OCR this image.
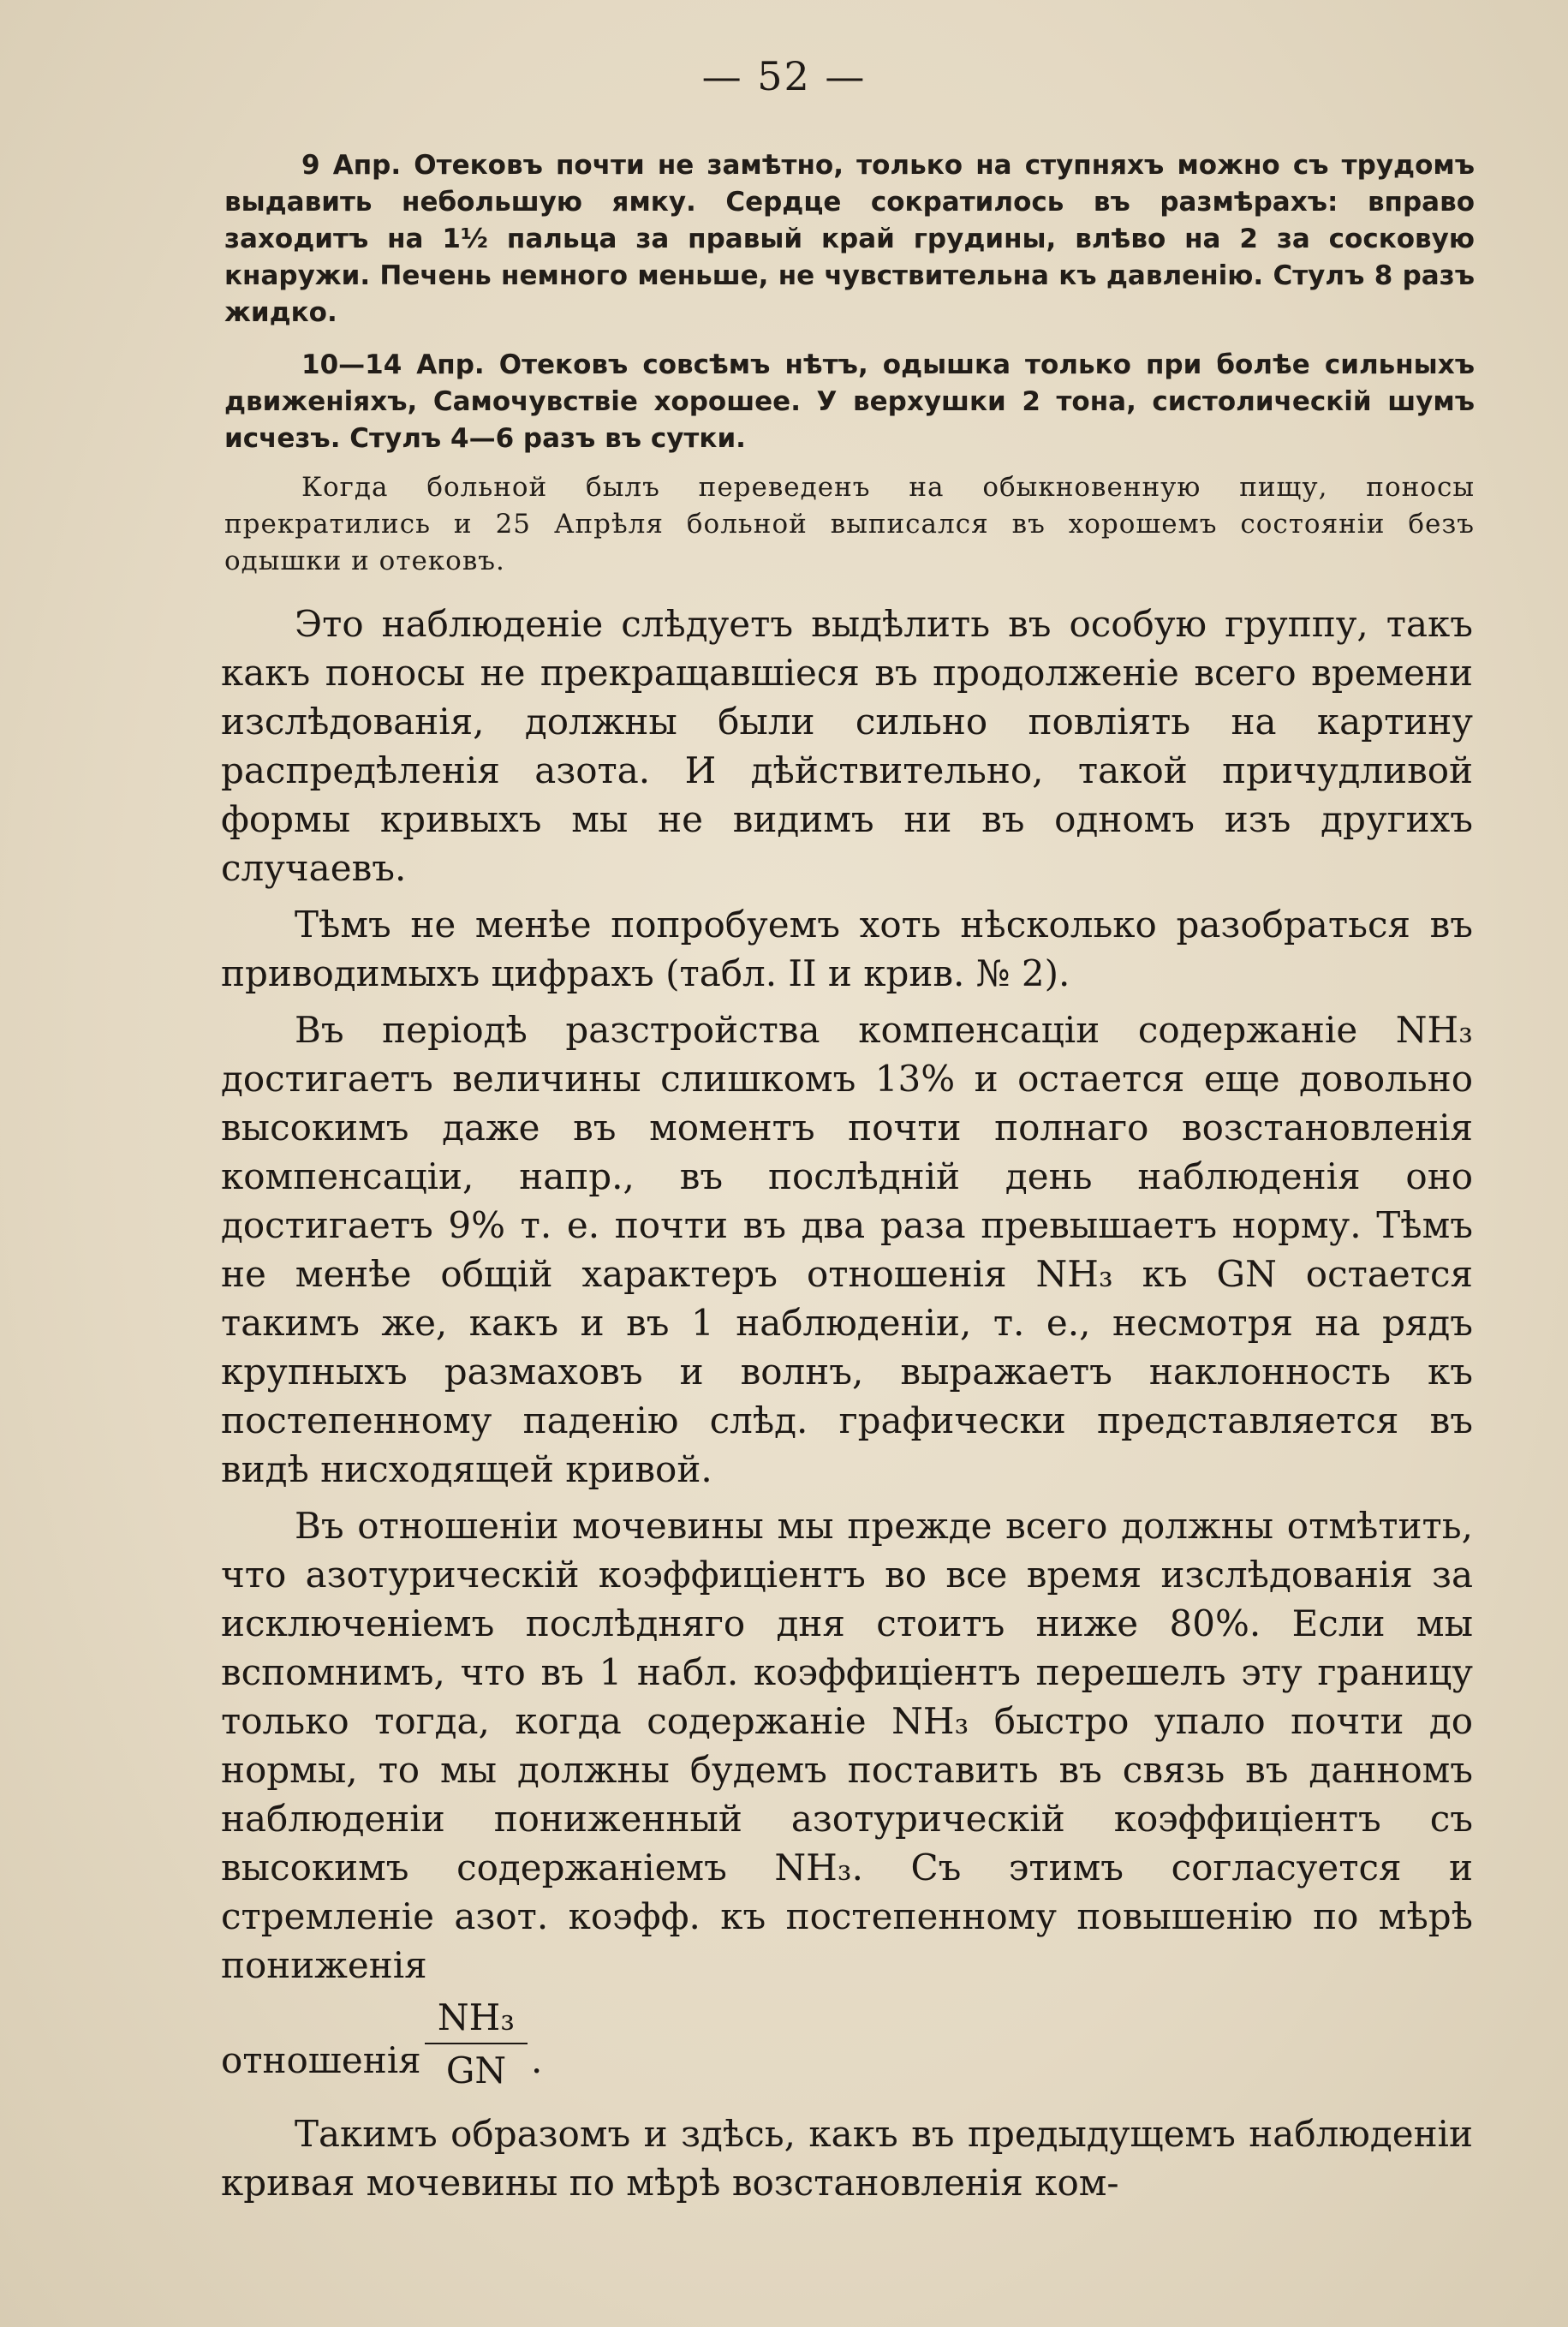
— 52 —

9 Апр. Отековъ почти не замѣтно, только на ступняхъ можно съ трудомъ выдавить небольшую ямку. Сердце сократилось въ размѣрахъ: вправо заходитъ на 1½ пальца за правый край грудины, влѣво на 2 за сосковую кнаружи. Печень немного меньше, не чувствительна къ давленію. Стулъ 8 разъ жидко.

10—14 Апр. Отековъ совсѣмъ нѣтъ, одышка только при болѣе сильныхъ движеніяхъ, Самочувствіе хорошее. У верхушки 2 тона, систолическій шумъ исчезъ. Стулъ 4—6 разъ въ сутки.

Когда больной былъ переведенъ на обыкновенную пищу, поносы прекратились и 25 Апрѣля больной выписался въ хорошемъ состояніи безъ одышки и отековъ.

Это наблюденіе слѣдуетъ выдѣлить въ особую группу, такъ какъ поносы не прекращавшіеся въ продолженіе всего времени изслѣдованія, должны были сильно повлiять на картину распредѣленія азота. И дѣйствительно, такой причудливой формы кривыхъ мы не видимъ ни въ одномъ изъ другихъ случаевъ.

Тѣмъ не менѣе попробуемъ хоть нѣсколько разобраться въ приводимыхъ цифрахъ (табл. II и крив. № 2).

Въ періодѣ разстройства компенсаціи содержаніе NH₃ достигаетъ величины слишкомъ 13% и остается еще довольно высокимъ даже въ моментъ почти полнаго возстановленія компенсаціи, напр., въ послѣдній день наблюденія оно достигаетъ 9% т. е. почти въ два раза превышаетъ норму. Тѣмъ не менѣе общій характеръ отношенія NH₃ къ GN остается такимъ же, какъ и въ 1 наблюденіи, т. е., несмотря на рядъ крупныхъ размаховъ и волнъ, выражаетъ наклонность къ постепенному паденію слѣд. графически представляется въ видѣ нисходящей кривой.

Въ отношеніи мочевины мы прежде всего должны отмѣтить, что азотурическій коэффиціентъ во все время изслѣдованія за исключеніемъ послѣдняго дня стоитъ ниже 80%. Если мы вспомнимъ, что въ 1 набл. коэффиціентъ перешелъ эту границу только тогда, когда содержаніе NH₃ быстро упало почти до нормы, то мы должны будемъ поставить въ связь въ данномъ наблюденіи пониженный азотурическій коэффиціентъ съ высокимъ содержаніемъ NH₃. Съ этимъ согласуется и стремленіе азот. коэфф. къ постепенному повышенію по мѣрѣ пониженія

отношенія
NH₃
GN .

Такимъ образомъ и здѣсь, какъ въ предыдущемъ наблюденіи кривая мочевины по мѣрѣ возстановленія ком-
